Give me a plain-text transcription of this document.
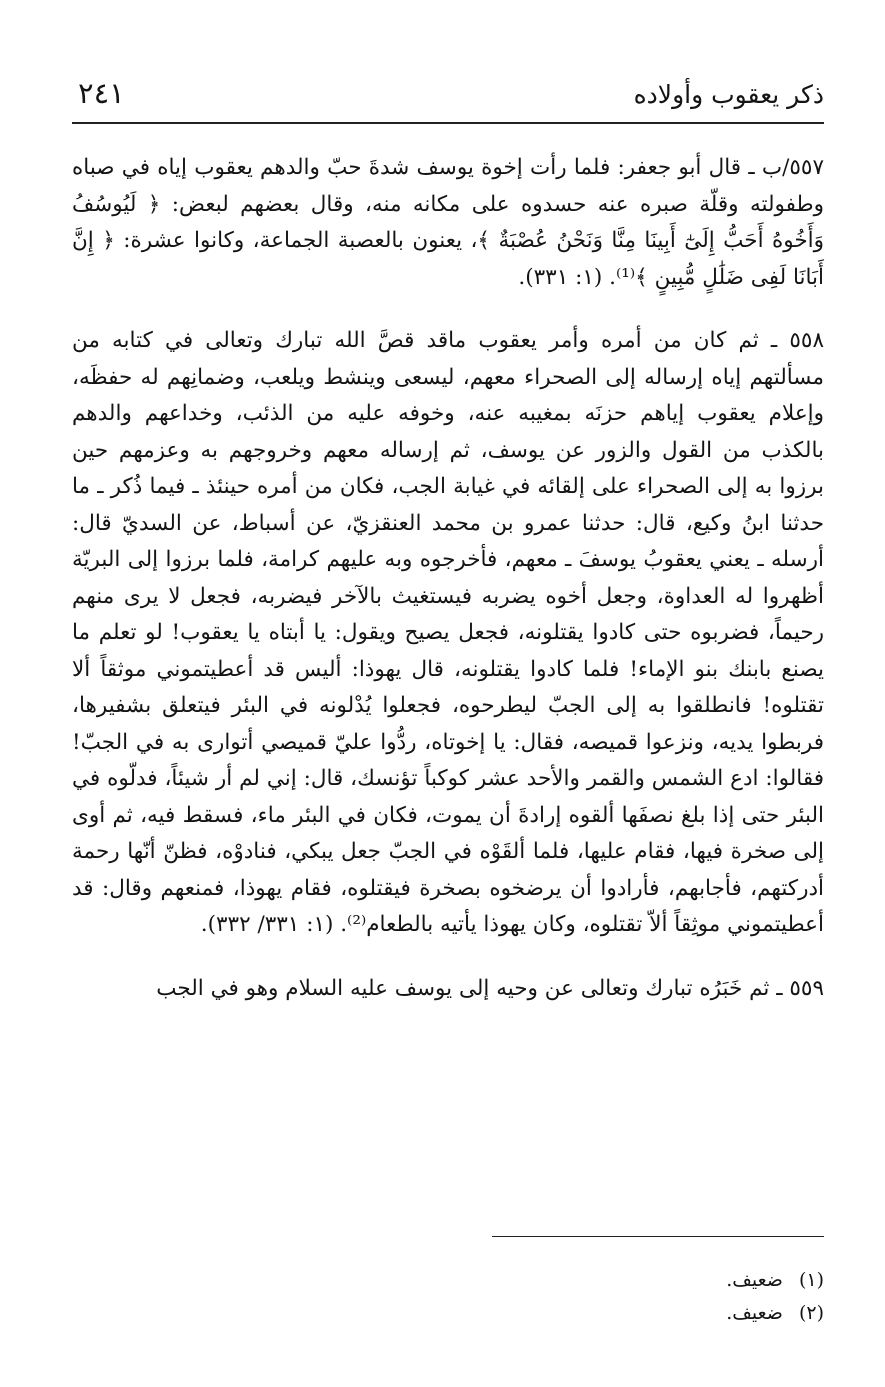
ذكر يعقوب وأولاده
٢٤١

٥٥٧/ب ـ قال أبو جعفر: فلما رأت إخوة يوسف شدةَ حبّ والدهم يعقوب إياه في صباه وطفولته وقلّة صبره عنه حسدوه على مكانه منه، وقال بعضهم لبعض: ﴿ لَيُوسُفُ وَأَخُوهُ أَحَبُّ إِلَىٰٓ أَبِينَا مِنَّا وَنَحْنُ عُصْبَةٌ ﴾، يعنون بالعصبة الجماعة، وكانوا عشرة: ﴿ إِنَّ أَبَانَا لَفِى ضَلَٰلٍ مُّبِينٍ ﴾⁽¹⁾. (١: ٣٣١).

٥٥٨ ـ ثم كان من أمره وأمر يعقوب ماقد قصَّ الله تبارك وتعالى في كتابه من مسألتهم إياه إرساله إلى الصحراء معهم، ليسعى وينشط ويلعب، وضمانِهم له حفظَه، وإعلام يعقوب إياهم حزنَه بمغيبه عنه، وخوفه عليه من الذئب، وخداعهم والدهم بالكذب من القول والزور عن يوسف، ثم إرساله معهم وخروجهم به وعزمهم حين برزوا به إلى الصحراء على إلقائه في غيابة الجب، فكان من أمره حينئذ ـ فيما ذُكر ـ ما حدثنا ابنُ وكيع، قال: حدثنا عمرو بن محمد العنقزيّ، عن أسباط، عن السديّ قال: أرسله ـ يعني يعقوبُ يوسفَ ـ معهم، فأخرجوه وبه عليهم كرامة، فلما برزوا إلى البريّة أظهروا له العداوة، وجعل أخوه يضربه فيستغيث بالآخر فيضربه، فجعل لا يرى منهم رحيماً، فضربوه حتى كادوا يقتلونه، فجعل يصيح ويقول: يا أبتاه يا يعقوب! لو تعلم ما يصنع بابنك بنو الإماء! فلما كادوا يقتلونه، قال يهوذا: أليس قد أعطيتموني موثقاً ألا تقتلوه! فانطلقوا به إلى الجبّ ليطرحوه، فجعلوا يُدْلونه في البئر فيتعلق بشفيرها، فربطوا يديه، ونزعوا قميصه، فقال: يا إخوتاه، ردُّوا عليّ قميصي أتوارى به في الجبّ! فقالوا: ادع الشمس والقمر والأحد عشر كوكباً تؤنسك، قال: إني لم أر شيئاً، فدلّوه في البئر حتى إذا بلغ نصفَها ألقوه إرادةَ أن يموت، فكان في البئر ماء، فسقط فيه، ثم أوى إلى صخرة فيها، فقام عليها، فلما ألقَوْه في الجبّ جعل يبكي، فنادوْه، فظنّ أنّها رحمة أدركتهم، فأجابهم، فأرادوا أن يرضخوه بصخرة فيقتلوه، فقام يهوذا، فمنعهم وقال: قد أعطيتموني موثِقاً ألاّ تقتلوه، وكان يهوذا يأتيه بالطعام⁽²⁾. (١: ٣٣١/ ٣٣٢).

٥٥٩ ـ ثم خَبَرُه تبارك وتعالى عن وحيه إلى يوسف عليه السلام وهو في الجب

(١)
ضعيف.
(٢)
ضعيف.
